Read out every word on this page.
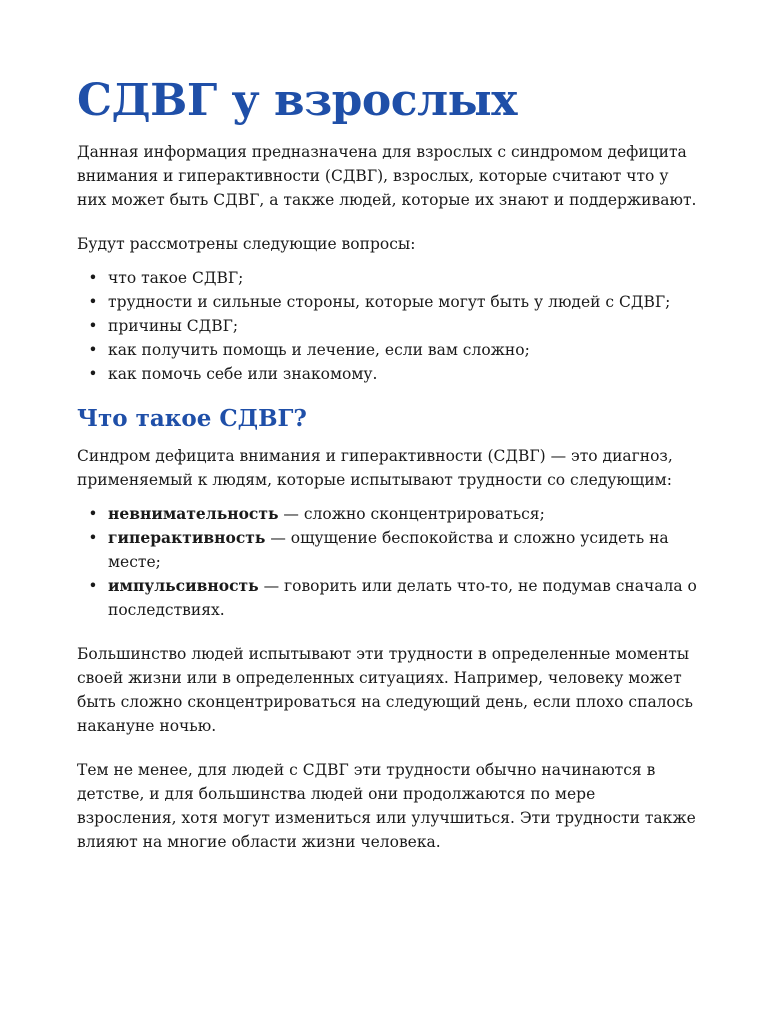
СДВГ у взрослых

Данная информация предназначена для взрослых с синдромом дефицита внимания и гиперактивности (СДВГ), взрослых, которые считают что у них может быть СДВГ, а также людей, которые их знают и поддерживают.

Будут рассмотрены следующие вопросы:

• что такое СДВГ;
• трудности и сильные стороны, которые могут быть у людей с СДВГ;
• причины СДВГ;
• как получить помощь и лечение, если вам сложно;
• как помочь себе или знакомому.
Что такое СДВГ?

Синдром дефицита внимания и гиперактивности (СДВГ) — это диагноз, применяемый к людям, которые испытывают трудности со следующим:

• невнимательность — сложно сконцентрироваться;
• гиперактивность — ощущение беспокойства и сложно усидеть на месте;
• импульсивность — говорить или делать что-то, не подумав сначала о последствиях.

Большинство людей испытывают эти трудности в определенные моменты своей жизни или в определенных ситуациях. Например, человеку может быть сложно сконцентрироваться на следующий день, если плохо спалось накануне ночью.

Тем не менее, для людей с СДВГ эти трудности обычно начинаются в детстве, и для большинства людей они продолжаются по мере взросления, хотя могут измениться или улучшиться. Эти трудности также влияют на многие области жизни человека.
